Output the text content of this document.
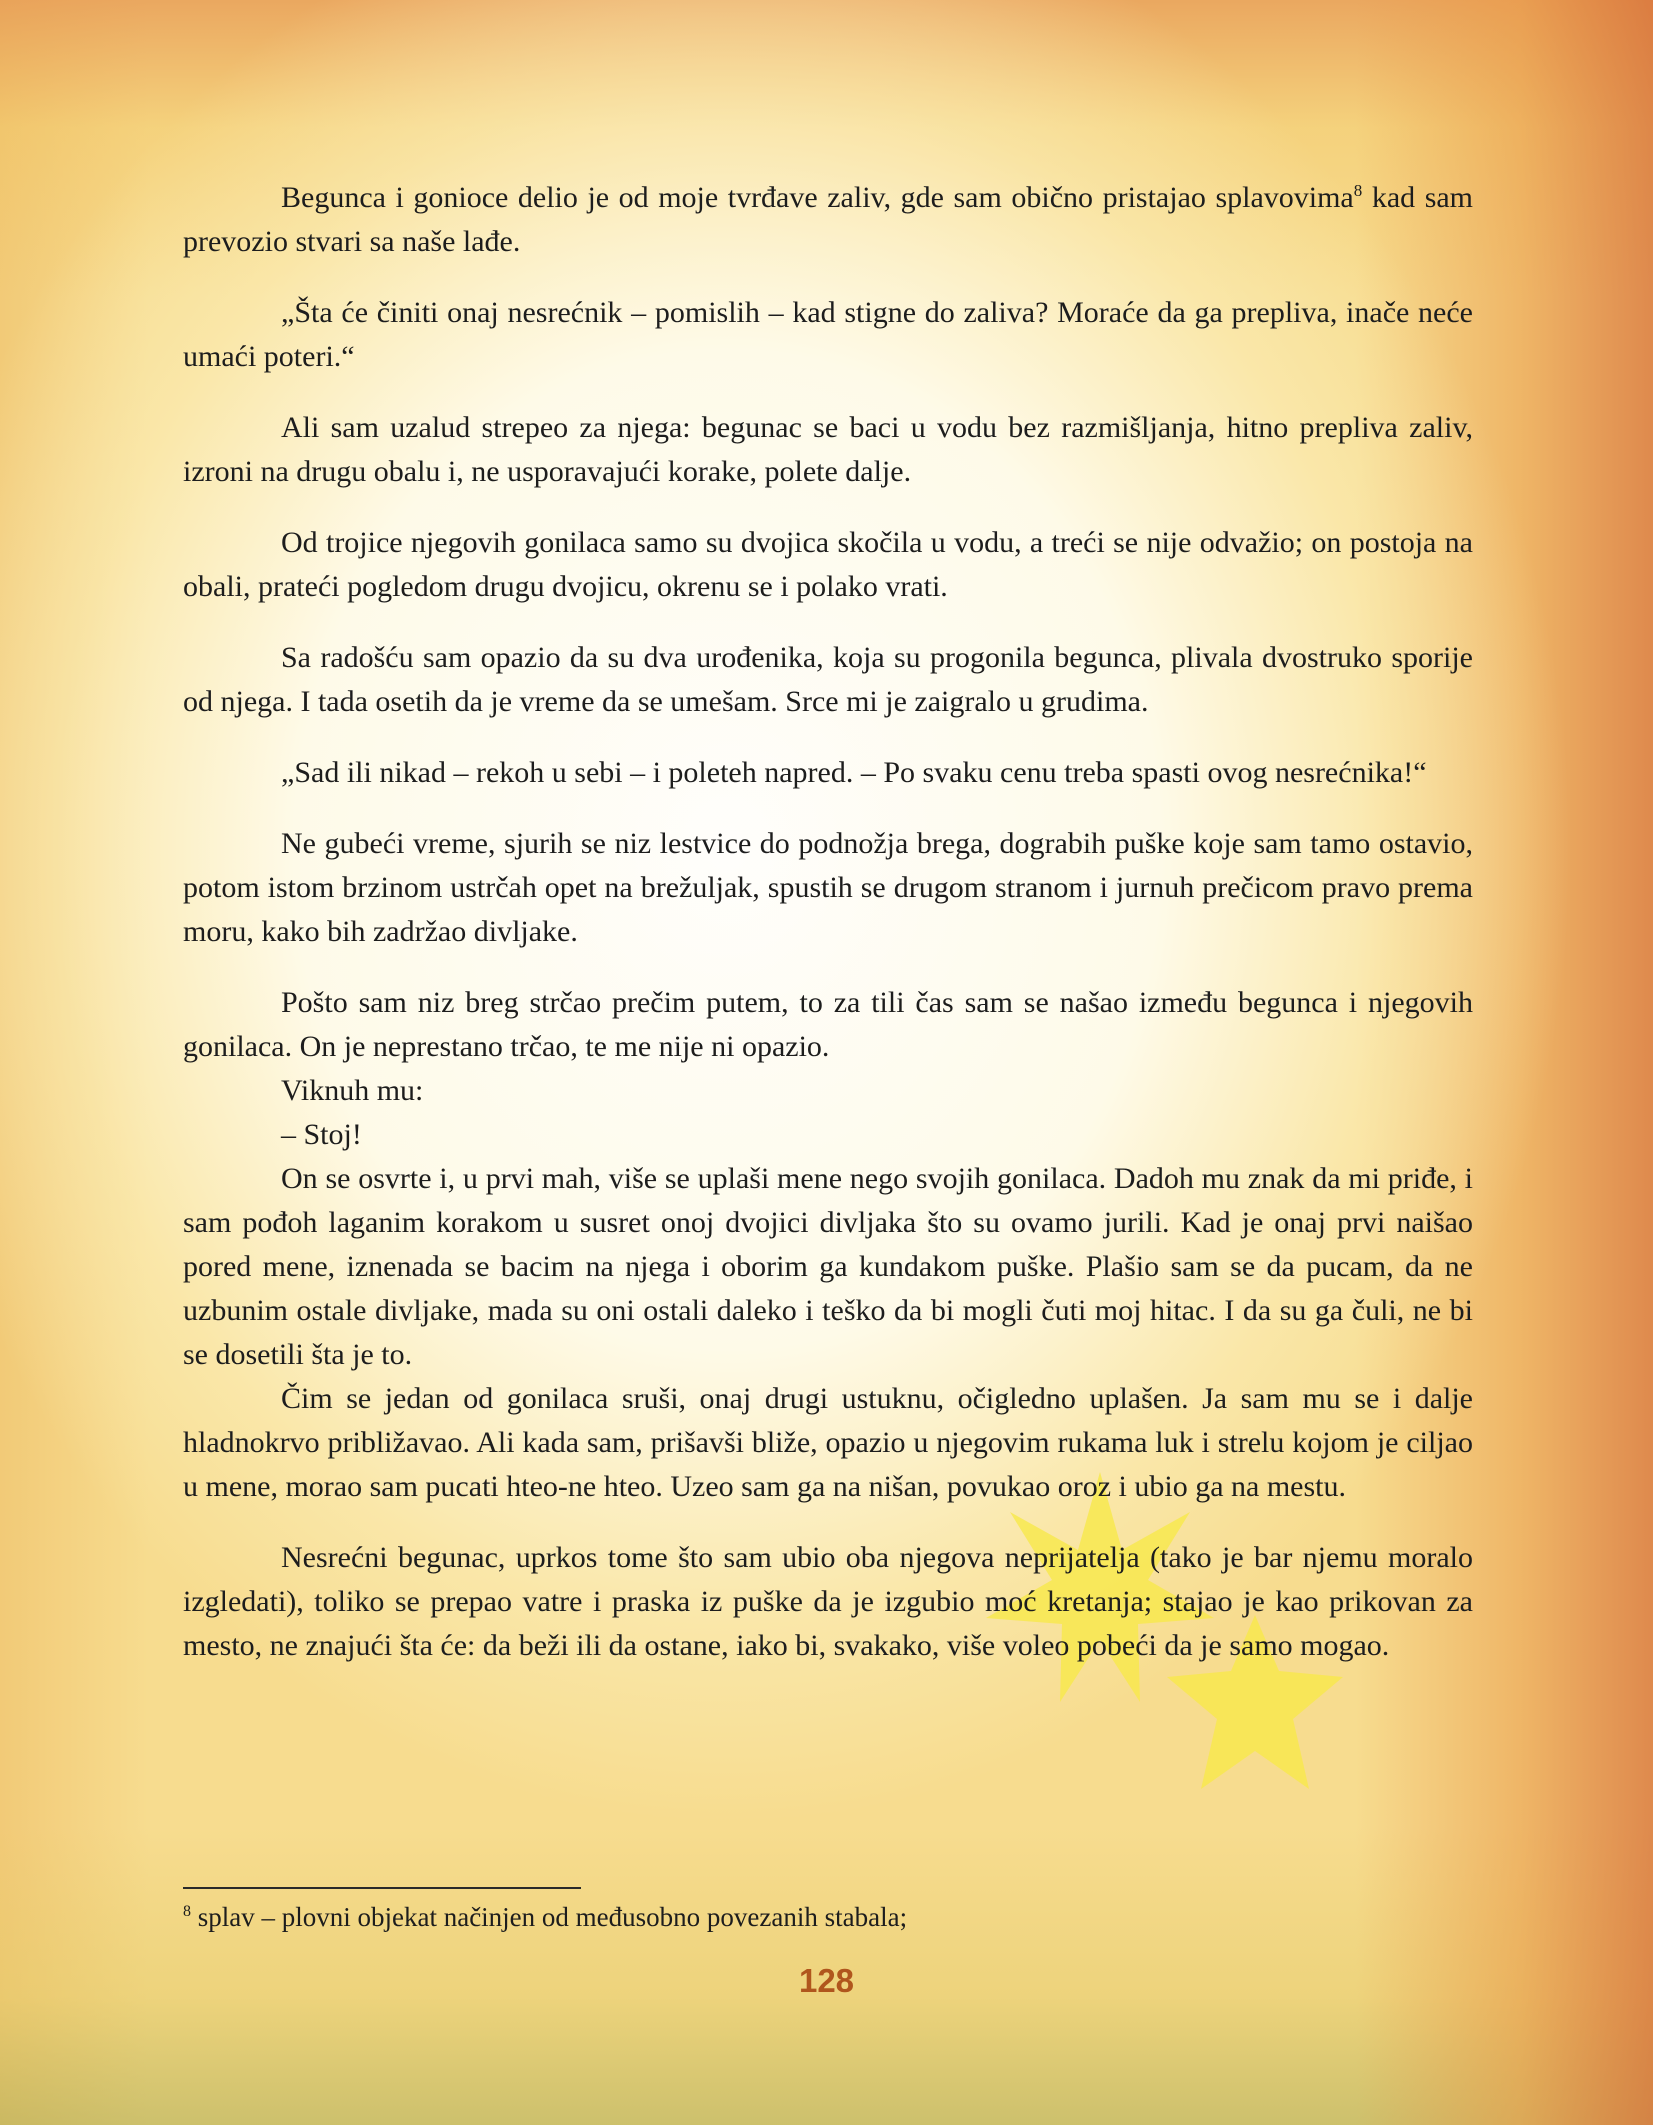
Begunca i gonioce delio je od moje tvrđave zaliv, gde sam obično pristajao splavovima$^8$ kad sam prevozio stvari sa naše lađe.

„Šta će činiti onaj nesrećnik – pomislih – kad stigne do zaliva? Moraće da ga prepliva, inače neće umaći poteri.“

Ali sam uzalud strepeo za njega: begunac se baci u vodu bez razmišljanja, hitno prepliva zaliv, izroni na drugu obalu i, ne usporavajući korake, polete dalje.

Od trojice njegovih gonilaca samo su dvojica skočila u vodu, a treći se nije odvažio; on postoja na obali, prateći pogledom drugu dvojicu, okrenu se i polako vrati.

Sa radošću sam opazio da su dva urođenika, koja su progonila begunca, plivala dvostruko sporije od njega. I tada osetih da je vreme da se umešam. Srce mi je zaigralo u grudima.

„Sad ili nikad – rekoh u sebi – i poleteh napred. – Po svaku cenu treba spasti ovog nesrećnika!“

Ne gubeći vreme, sjurih se niz lestvice do podnožja brega, dograbih puške koje sam tamo ostavio, potom istom brzinom ustrčah opet na brežuljak, spustih se drugom stranom i jurnuh prečicom pravo prema moru, kako bih zadržao divljake.

Pošto sam niz breg strčao prečim putem, to za tili čas sam se našao između begunca i njegovih gonilaca. On je neprestano trčao, te me nije ni opazio.

Viknuh mu:

– Stoj!

On se osvrte i, u prvi mah, više se uplaši mene nego svojih gonilaca. Dadoh mu znak da mi priđe, i sam pođoh laganim korakom u susret onoj dvojici divljaka što su ovamo jurili. Kad je onaj prvi naišao pored mene, iznenada se bacim na njega i oborim ga kundakom puške. Plašio sam se da pucam, da ne uzbunim ostale divljake, mada su oni ostali daleko i teško da bi mogli čuti moj hitac. I da su ga čuli, ne bi se dosetili šta je to.

Čim se jedan od gonilaca sruši, onaj drugi ustuknu, očigledno uplašen. Ja sam mu se i dalje hladnokrvo približavao. Ali kada sam, prišavši bliže, opazio u njegovim rukama luk i strelu kojom je ciljao u mene, morao sam pucati hteo-ne hteo. Uzeo sam ga na nišan, povukao oroz i ubio ga na mestu.

Nesrećni begunac, uprkos tome što sam ubio oba njegova neprijatelja (tako je bar njemu moralo izgledati), toliko se prepao vatre i praska iz puške da je izgubio moć kretanja; stajao je kao prikovan za mesto, ne znajući šta će: da beži ili da ostane, iako bi, svakako, više voleo pobeći da je samo mogao.

$^8$ splav – plovni objekat načinjen od međusobno povezanih stabala;
128
